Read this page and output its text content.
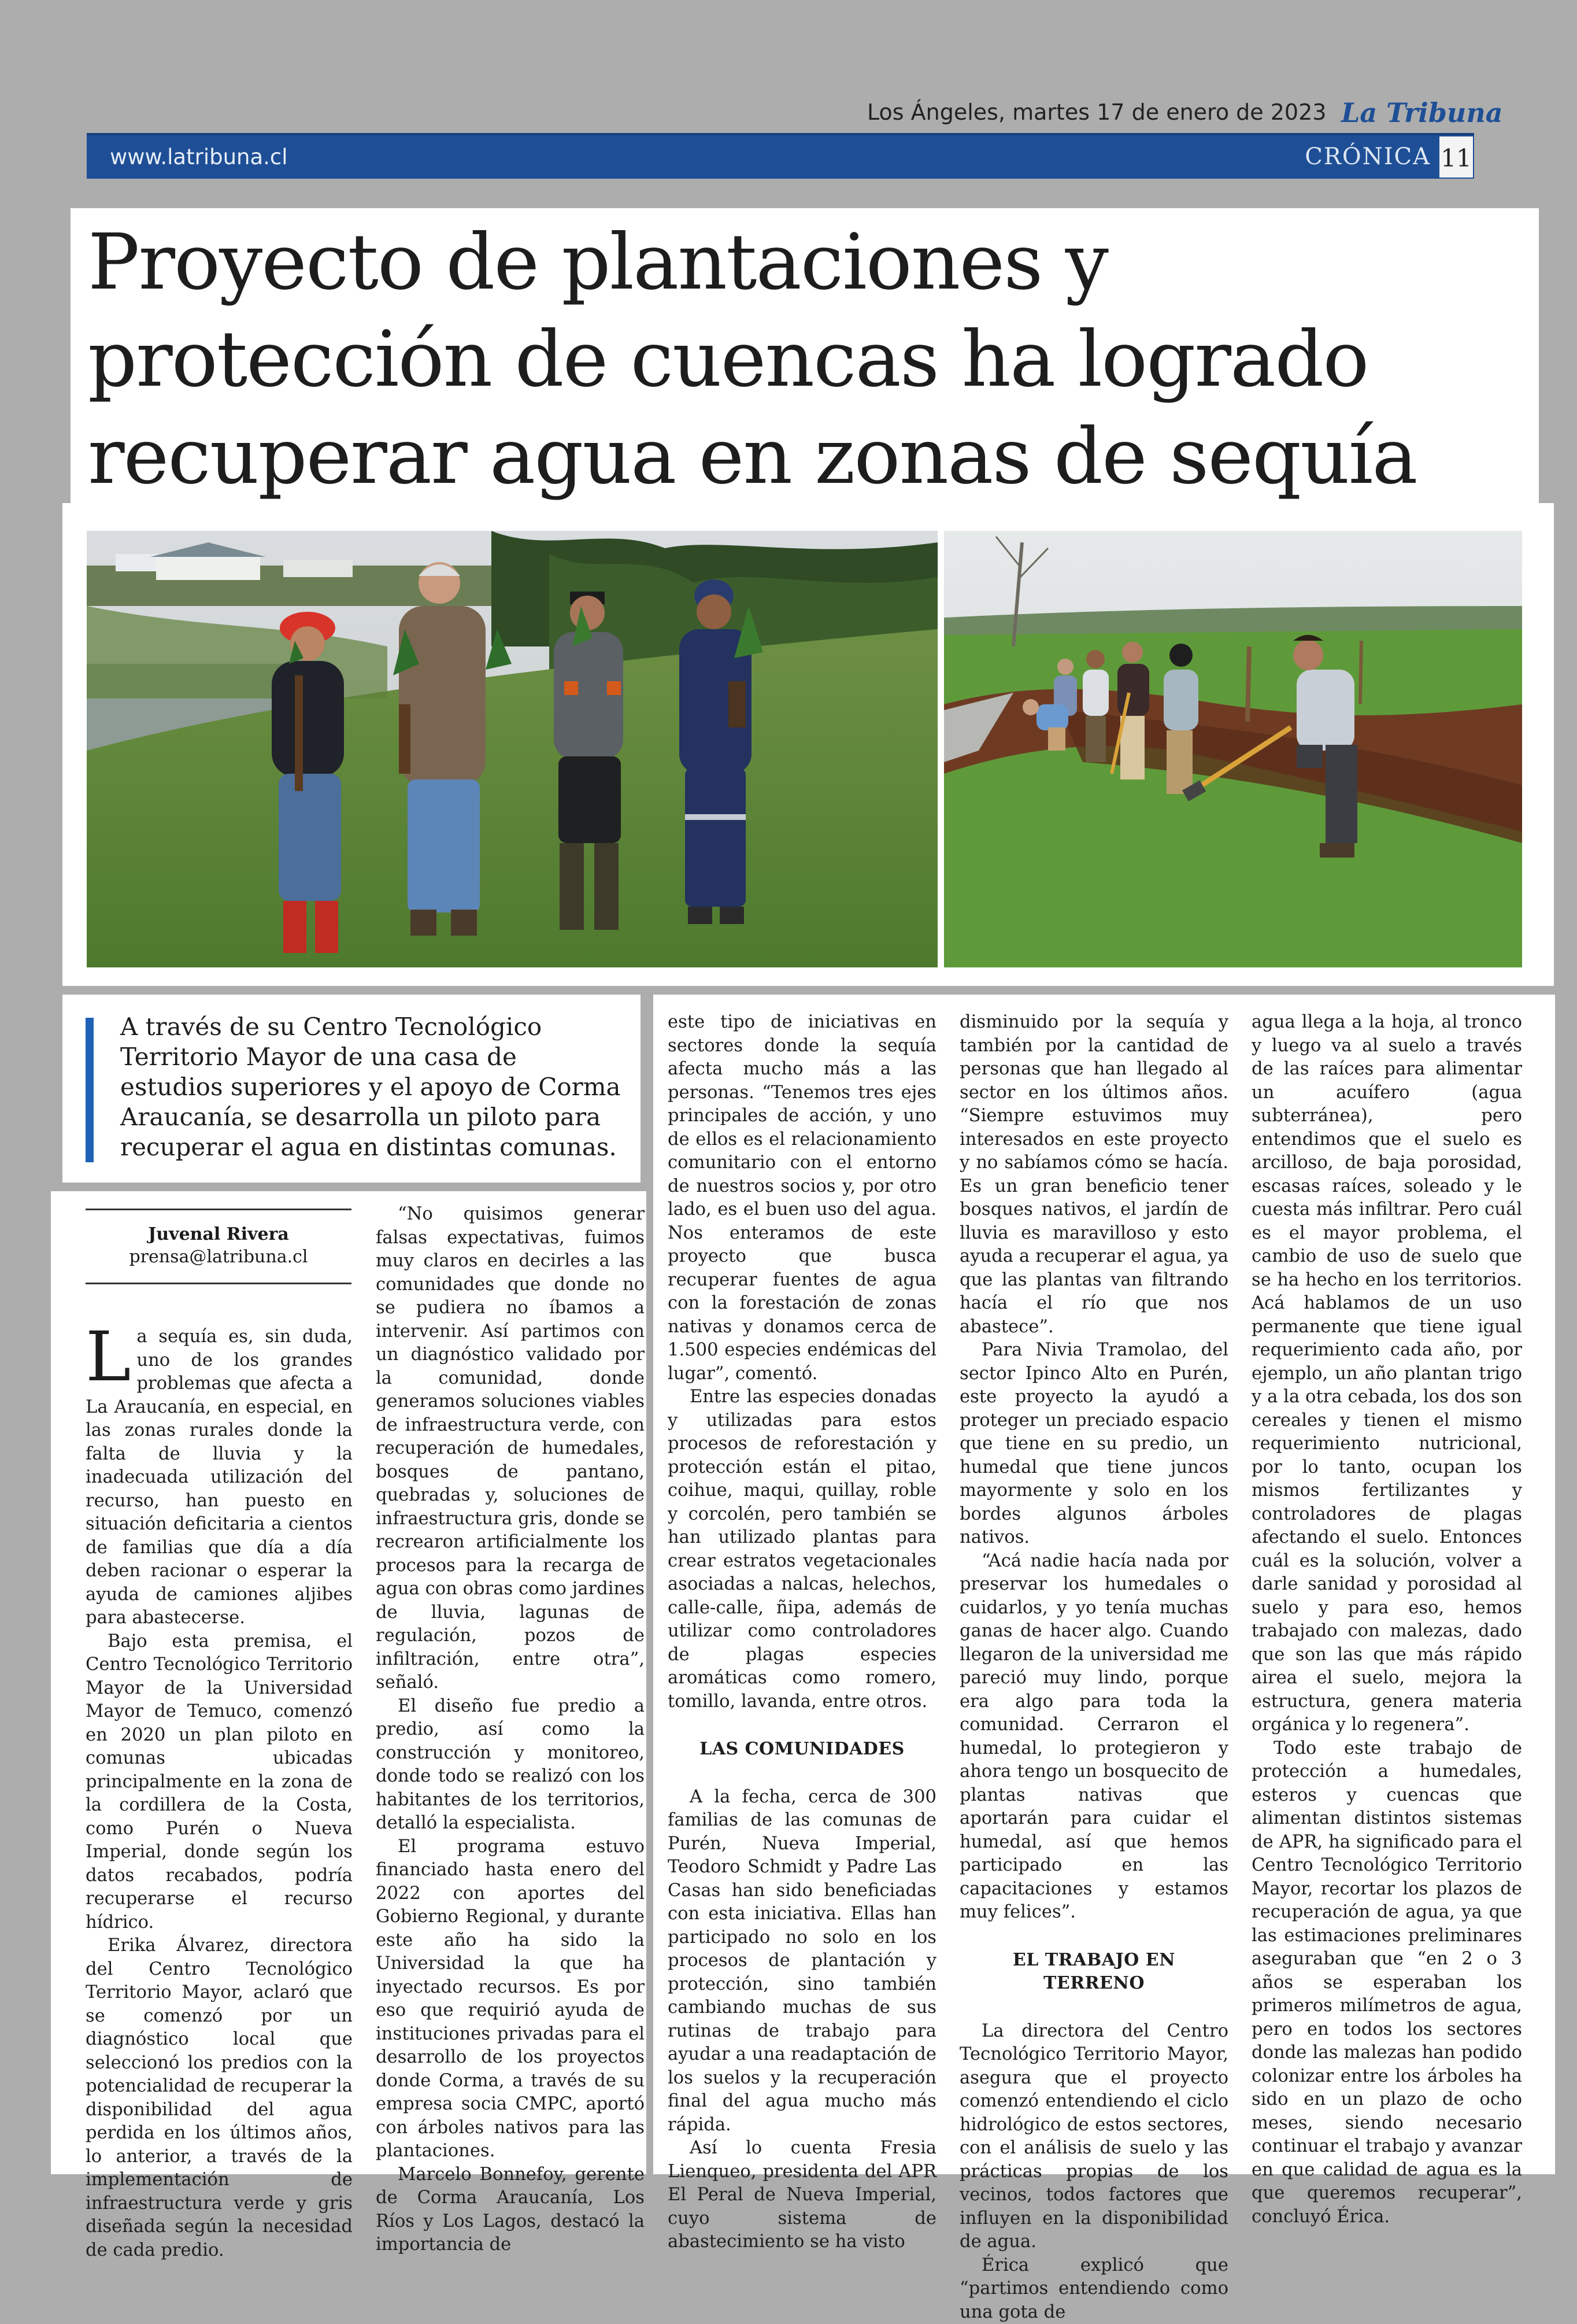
Los Ángeles, martes 17 de enero de 2023 La Tribuna
www.latribuna.cl	CRÓNICA 11
Proyecto de plantaciones y protección de cuencas ha logrado recuperar agua en zonas de sequía
A través de su Centro Tecnológico Territorio Mayor de una casa de estudios superiores y el apoyo de Corma Araucanía, se desarrolla un piloto para recuperar el agua en distintas comunas.
Juvenal Rivera
prensa@latribuna.cl

La sequía es, sin duda, uno de los grandes problemas que afecta a La Araucanía, en especial, en las zonas rurales donde la falta de lluvia y la inadecuada utilización del recurso, han puesto en situación deficitaria a cientos de familias que día a día deben racionar o esperar la ayuda de camiones aljibes para abastecerse.

Bajo esta premisa, el Centro Tecnológico Territorio Mayor de la Universidad Mayor de Temuco, comenzó en 2020 un plan piloto en comunas ubicadas principalmente en la zona de la cordillera de la Costa, como Purén o Nueva Imperial, donde según los datos recabados, podría recuperarse el recurso hídrico.

Erika Álvarez, directora del Centro Tecnológico Territorio Mayor, aclaró que se comenzó por un diagnóstico local que seleccionó los predios con la potencialidad de recuperar la disponibilidad del agua perdida en los últimos años, lo anterior, a través de la implementación de infraestructura verde y gris diseñada según la necesidad de cada predio.

“No quisimos generar falsas expectativas, fuimos muy claros en decirles a las comunidades que donde no se pudiera no íbamos a intervenir. Así partimos con un diagnóstico validado por la comunidad, donde generamos soluciones viables de infraestructura verde, con recuperación de humedales, bosques de pantano, quebradas y, soluciones de infraestructura gris, donde se recrearon artificialmente los procesos para la recarga de agua con obras como jardines de lluvia, lagunas de regulación, pozos de infiltración, entre otra”, señaló.

El diseño fue predio a predio, así como la construcción y monitoreo, donde todo se realizó con los habitantes de los territorios, detalló la especialista.

El programa estuvo financiado hasta enero del 2022 con aportes del Gobierno Regional, y durante este año ha sido la Universidad la que ha inyectado recursos. Es por eso que requirió ayuda de instituciones privadas para el desarrollo de los proyectos donde Corma, a través de su empresa socia CMPC, aportó con árboles nativos para las plantaciones.

Marcelo Bonnefoy, gerente de Corma Araucanía, Los Ríos y Los Lagos, destacó la importancia de

este tipo de iniciativas en sectores donde la sequía afecta mucho más a las personas. “Tenemos tres ejes principales de acción, y uno de ellos es el relacionamiento comunitario con el entorno de nuestros socios y, por otro lado, es el buen uso del agua. Nos enteramos de este proyecto que busca recuperar fuentes de agua con la forestación de zonas nativas y donamos cerca de 1.500 especies endémicas del lugar”, comentó.

Entre las especies donadas y utilizadas para estos procesos de reforestación y protección están el pitao, coihue, maqui, quillay, roble y corcolén, pero también se han utilizado plantas para crear estratos vegetacionales asociadas a nalcas, helechos, calle-calle, ñipa, además de utilizar como controladores de plagas especies aromáticas como romero, tomillo, lavanda, entre otros.

LAS COMUNIDADES

A la fecha, cerca de 300 familias de las comunas de Purén, Nueva Imperial, Teodoro Schmidt y Padre Las Casas han sido beneficiadas con esta iniciativa. Ellas han participado no solo en los procesos de plantación y protección, sino también cambiando muchas de sus rutinas de trabajo para ayudar a una readaptación de los suelos y la recuperación final del agua mucho más rápida.

Así lo cuenta Fresia Lienqueo, presidenta del APR El Peral de Nueva Imperial, cuyo sistema de abastecimiento se ha visto

disminuido por la sequía y también por la cantidad de personas que han llegado al sector en los últimos años. “Siempre estuvimos muy interesados en este proyecto y no sabíamos cómo se hacía. Es un gran beneficio tener bosques nativos, el jardín de lluvia es maravilloso y esto ayuda a recuperar el agua, ya que las plantas van filtrando hacía el río que nos abastece”.

Para Nivia Tramolao, del sector Ipinco Alto en Purén, este proyecto la ayudó a proteger un preciado espacio que tiene en su predio, un humedal que tiene juncos mayormente y solo en los bordes algunos árboles nativos.

“Acá nadie hacía nada por preservar los humedales o cuidarlos, y yo tenía muchas ganas de hacer algo. Cuando llegaron de la universidad me pareció muy lindo, porque era algo para toda la comunidad. Cerraron el humedal, lo protegieron y ahora tengo un bosquecito de plantas nativas que aportarán para cuidar el humedal, así que hemos participado en las capacitaciones y estamos muy felices”.

EL TRABAJO EN TERRENO

La directora del Centro Tecnológico Territorio Mayor, asegura que el proyecto comenzó entendiendo el ciclo hidrológico de estos sectores, con el análisis de suelo y las prácticas propias de los vecinos, todos factores que influyen en la disponibilidad de agua.

Érica explicó que “partimos entendiendo como una gota de

agua llega a la hoja, al tronco y luego va al suelo a través de las raíces para alimentar un acuífero (agua subterránea), pero entendimos que el suelo es arcilloso, de baja porosidad, escasas raíces, soleado y le cuesta más infiltrar. Pero cuál es el mayor problema, el cambio de uso de suelo que se ha hecho en los territorios. Acá hablamos de un uso permanente que tiene igual requerimiento cada año, por ejemplo, un año plantan trigo y a la otra cebada, los dos son cereales y tienen el mismo requerimiento nutricional, por lo tanto, ocupan los mismos fertilizantes y controladores de plagas afectando el suelo. Entonces cuál es la solución, volver a darle sanidad y porosidad al suelo y para eso, hemos trabajado con malezas, dado que son las que más rápido airea el suelo, mejora la estructura, genera materia orgánica y lo regenera”.

Todo este trabajo de protección a humedales, esteros y cuencas que alimentan distintos sistemas de APR, ha significado para el Centro Tecnológico Territorio Mayor, recortar los plazos de recuperación de agua, ya que las estimaciones preliminares aseguraban que “en 2 o 3 años se esperaban los primeros milímetros de agua, pero en todos los sectores donde las malezas han podido colonizar entre los árboles ha sido en un plazo de ocho meses, siendo necesario continuar el trabajo y avanzar en que calidad de agua es la que queremos recuperar”, concluyó Érica.
